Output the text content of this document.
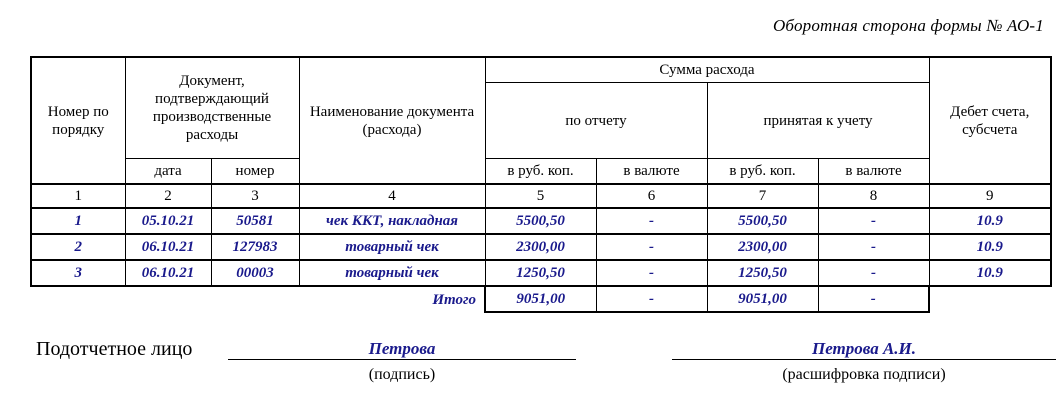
Оборотная сторона формы № АО-1
Номер по порядку	Документ, подтверждающий производственные расходы		Наименование документа (расхода)	Сумма расхода				Дебет счета, субсчета
				по отчету		принятая к учету		
	дата	номер		в руб. коп.	в валюте	в руб. коп.	в валюте	
1	2	3	4	5	6	7	8	9
1	05.10.21	50581	чек ККТ, накладная	5500,50	-	5500,50	-	10.9
2	06.10.21	127983	товарный чек	2300,00	-	2300,00	-	10.9
3	06.10.21	00003	товарный чек	1250,50	-	1250,50	-	10.9
			Итого	9051,00	-	9051,00	-	
Подотчетное лицо	Петрова
(подпись)
Петрова А.И.
(расшифровка подписи)
